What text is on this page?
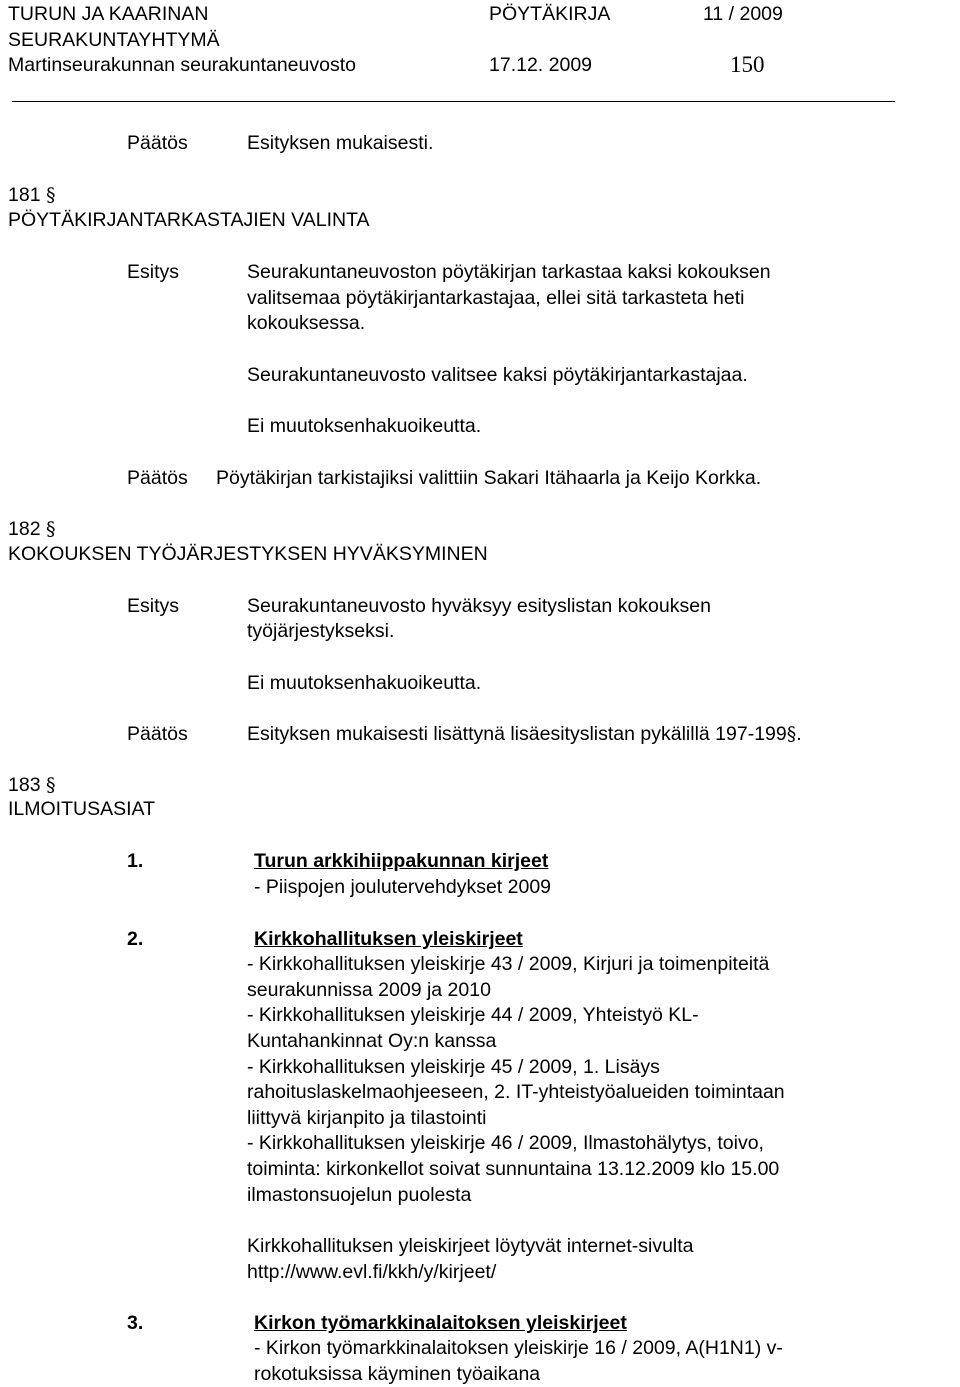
TURUN JA KAARINAN
SEURAKUNTAYHTYMÄ
Martinseurakunnan seurakuntaneuvosto
PÖYTÄKIRJA	11 / 2009
17.12. 2009	150
Päätös	Esityksen mukaisesti.
181 §
PÖYTÄKIRJANTARKASTAJIEN VALINTA
Esitys	Seurakuntaneuvoston pöytäkirjan tarkastaa kaksi kokouksen
valitsemaa pöytäkirjantarkastajaa, ellei sitä tarkasteta heti
kokouksessa.
Seurakuntaneuvosto valitsee kaksi pöytäkirjantarkastajaa.
Ei muutoksenhakuoikeutta.
Päätös Pöytäkirjan tarkistajiksi valittiin Sakari Itähaarla ja Keijo Korkka.
182 §
KOKOUKSEN TYÖJÄRJESTYKSEN HYVÄKSYMINEN
Esitys	Seurakuntaneuvosto hyväksyy esityslistan kokouksen
työjärjestykseksi.
Ei muutoksenhakuoikeutta.
Päätös	Esityksen mukaisesti lisättynä lisäesityslistan pykälillä 197-199§.
183 §
ILMOITUSASIAT
1.	Turun arkkihiippakunnan kirjeet
- Piispojen joulutervehdykset 2009
2.	Kirkkohallituksen yleiskirjeet
- Kirkkohallituksen yleiskirje 43 / 2009, Kirjuri ja toimenpiteitä
seurakunnissa 2009 ja 2010
- Kirkkohallituksen yleiskirje 44 / 2009, Yhteistyö KL-
Kuntahankinnat Oy:n kanssa
- Kirkkohallituksen yleiskirje 45 / 2009, 1. Lisäys
rahoituslaskelmaohjeeseen, 2. IT-yhteistyöalueiden toimintaan
liittyvä kirjanpito ja tilastointi
- Kirkkohallituksen yleiskirje 46 / 2009, Ilmastohälytys, toivo,
toiminta: kirkonkellot soivat sunnuntaina 13.12.2009 klo 15.00
ilmastonsuojelun puolesta
Kirkkohallituksen yleiskirjeet löytyvät internet-sivulta
http://www.evl.fi/kkh/y/kirjeet/
3.	Kirkon työmarkkinalaitoksen yleiskirjeet
- Kirkon työmarkkinalaitoksen yleiskirje 16 / 2009, A(H1N1) v-
rokotuksissa käyminen työaikana
